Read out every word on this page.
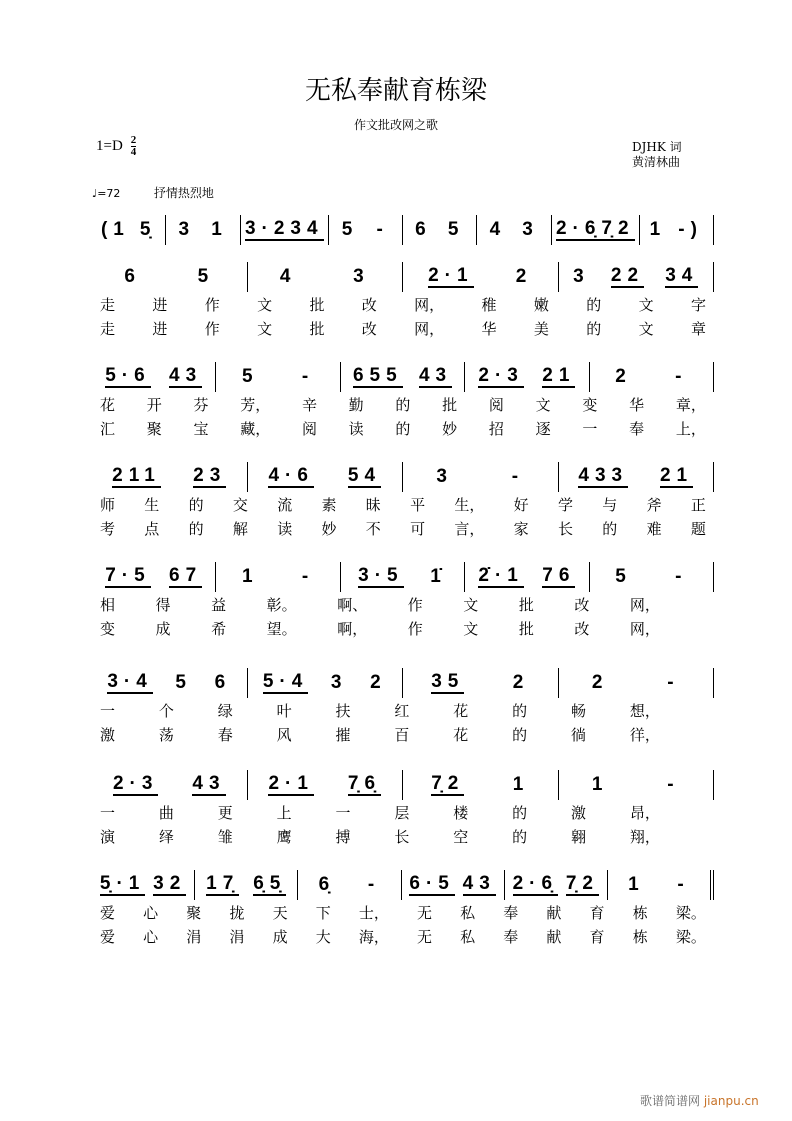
无私奉献育栋梁
作文批改网之歌
$1=D \frac{2}{4}$	DJHK 词
黄清林曲
♩=72	抒情热烈地
(1 5̣ 3 1 3·2 34 5 - 6 5 4 3 2·6̣ 7̣2 1 -)
6	5	4	3	2·1 2 3 22 34
走 进 作 文 批 改 网， 稚 嫩 的 文 字
走 进 作 文 批 改 网， 华 美 的 文 章
5·6 43 5 - 655 43 2·3 21 2 -
花 开 芬 芳， 辛 勤 的 批 阅 文 变 华 章，
汇 聚 宝 藏， 阅 读 的 妙 招 逐 一 奉 上，
211 23 4·6 54	3	-	433 21
师 生 的 交 流 素 昧 平 生， 好 学 与 斧 正
考 点 的 解 读 妙 不 可 言， 家 长 的 难 题
7·5 67 1 - 3·5 1̇ 2̇·1 76 5 -
相	得	益	彰。	啊、	作	文	批	改	网，
变	成	希	望。	啊，	作	文	批	改	网，
3·4 5 6 5·4 3 2 35	2	2	-
一	个	绿	叶	扶	红	花	的	畅	想，
激	荡	春	风	摧	百	花	的	徜	徉，
2·3 43 2·1 7̣6̣	7̣2	1	1	-
一	曲	更	上	一	层	楼	的	激	昂，
演	绎	雏	鹰	搏	长	空	的	翱	翔，
5̣·1 32 17̣ 6̣5̣ 6̣ - 6·5 43 2·6̣ 7̣2 1 -
爱 心 聚 拢 天 下 士， 无 私 奉 献 育 栋 梁。
爱 心 涓 涓 成 大 海， 无 私 奉 献 育 栋 梁。
歌谱简谱网 jianpu.cn
